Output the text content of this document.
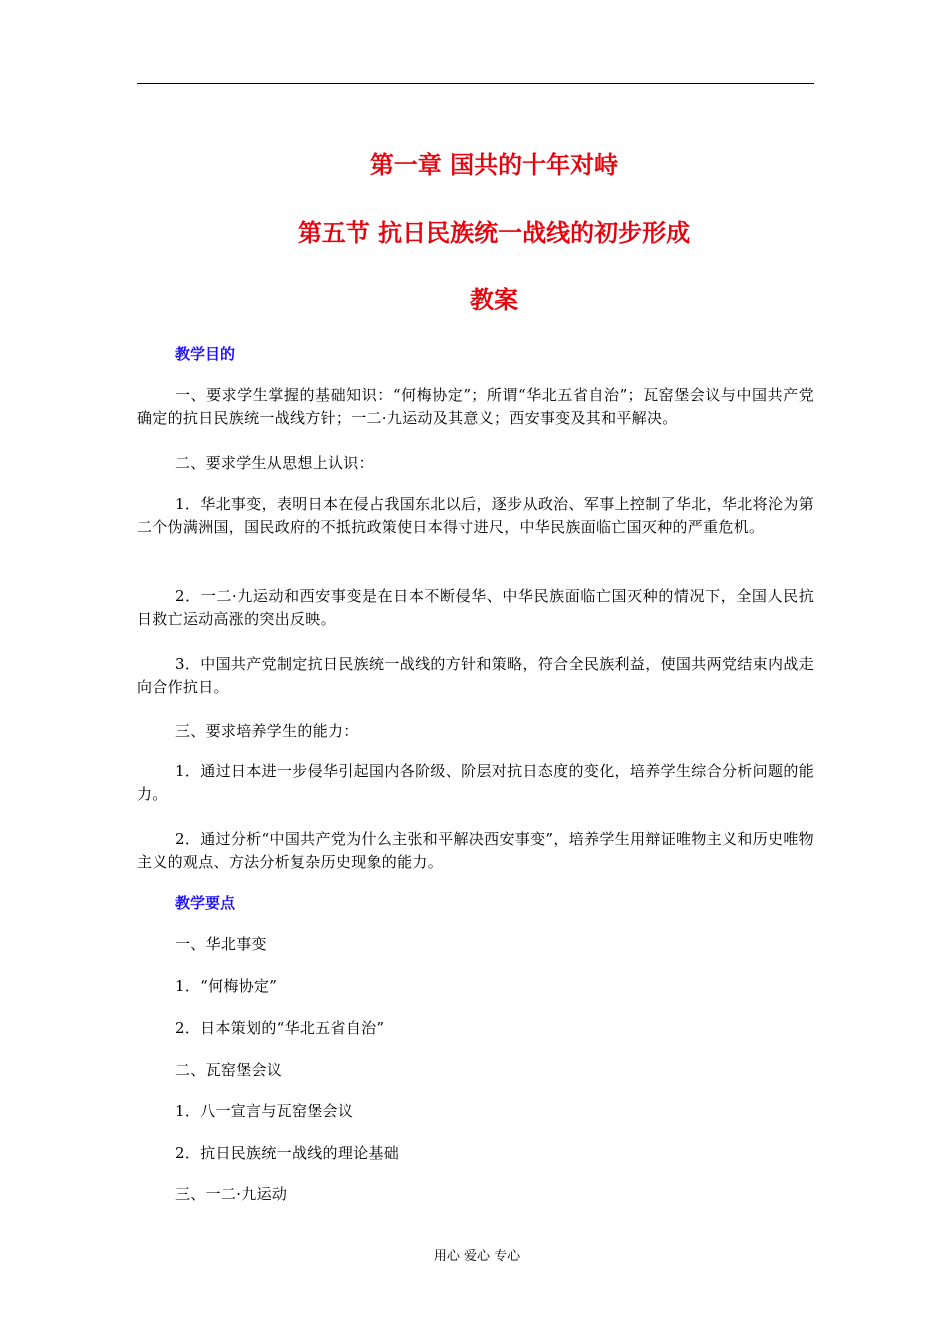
第一章 国共的十年对峙
第五节 抗日民族统一战线的初步形成
教案
教学目的
一、要求学生掌握的基础知识：“何梅协定”；所谓“华北五省自治”；瓦窑堡会议与中国共产党确定的抗日民族统一战线方针；一二·九运动及其意义；西安事变及其和平解决。
二、要求学生从思想上认识：
1．华北事变，表明日本在侵占我国东北以后，逐步从政治、军事上控制了华北，华北将沦为第二个伪满洲国，国民政府的不抵抗政策使日本得寸进尺，中华民族面临亡国灭种的严重危机。
2．一二·九运动和西安事变是在日本不断侵华、中华民族面临亡国灭种的情况下，全国人民抗日救亡运动高涨的突出反映。
3．中国共产党制定抗日民族统一战线的方针和策略，符合全民族利益，使国共两党结束内战走向合作抗日。
三、要求培养学生的能力：
1．通过日本进一步侵华引起国内各阶级、阶层对抗日态度的变化，培养学生综合分析问题的能力。
2．通过分析“中国共产党为什么主张和平解决西安事变”，培养学生用辩证唯物主义和历史唯物主义的观点、方法分析复杂历史现象的能力。
教学要点
一、华北事变
1．“何梅协定”
2．日本策划的“华北五省自治”
二、瓦窑堡会议
1．八一宣言与瓦窑堡会议
2．抗日民族统一战线的理论基础
三、一二·九运动
用心 爱心 专心
